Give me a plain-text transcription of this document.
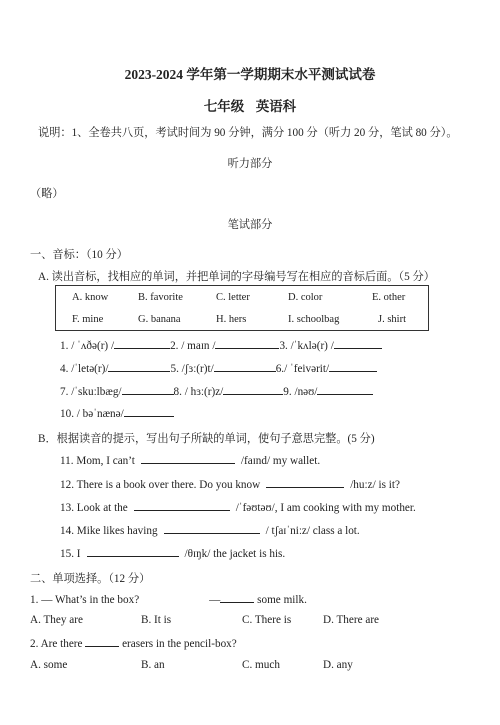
2023-2024 学年第一学期期末水平测试试卷
七年级 英语科
说明：1、全卷共八页，考试时间为 90 分钟，满分 100 分（听力 20 分，笔试 80 分）。
听力部分
（略）
笔试部分
一、音标：（10 分）
A. 读出音标，找相应的单词，并把单词的字母编号写在相应的音标后面。（5 分）
A. know	B. favorite	C. letter	D. color	E. other
F. mine	G. banana	H. hers	I. schoolbag	J. shirt
1. / ˈʌðə(r) /	2. / maɪn /	3. /ˈkʌlə(r) /
4. /ˈletə(r)/	5. /ʃɜː(r)t/	6./ ˈfeivərit/
7. /ˈskuːlbæg/	8. / hɜː(r)z/	9. /nəʊ/
10. / bəˈnænə/
B．根据读音的提示，写出句子所缺的单词，使句子意思完整。(5 分)
11. Mom, I can’t	/faɪnd/ my wallet.
12. There is a book over there. Do you know	/huːz/ is it?
13. Look at the	/ˈfəʊtəʊ/, I am cooking with my mother.
14. Mike likes having	/ tʃaɪˈniːz/ class a lot.
15. I	/θɪŋk/ the jacket is his.
二、单项选择。（12 分）
1. — What’s in the box?	—	some milk.
A. They are	B. It is	C. There is	D. There are
2. Are there	erasers in the pencil-box?
A. some	B. an	C. much	D. any
